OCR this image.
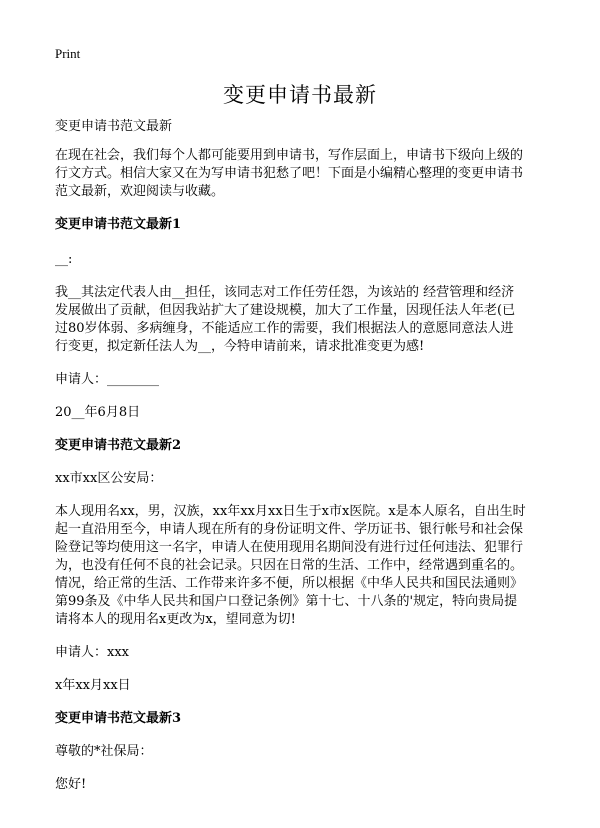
Print
变更申请书最新

变更申请书范文最新

在现在社会，我们每个人都可能要用到申请书，写作层面上，申请书下级向上级的
行文方式。相信大家又在为写申请书犯愁了吧！下面是小编精心整理的变更申请书
范文最新，欢迎阅读与收藏。

变更申请书范文最新1

__:

我__其法定代表人由__担任，该同志对工作任劳任怨，为该站的 经营管理和经济
发展做出了贡献，但因我站扩大了建设规模，加大了工作量，因现任法人年老(已
过80岁体弱、多病缠身，不能适应工作的需要，我们根据法人的意愿同意法人进
行变更，拟定新任法人为__，今特申请前来，请求批准变更为感!

申请人：________

20__年6月8日

变更申请书范文最新2

xx市xx区公安局：

本人现用名xx，男，汉族，xx年xx月xx日生于x市x医院。x是本人原名，自出生时
起一直沿用至今，申请人现在所有的身份证明文件、学历证书、银行帐号和社会保
险登记等均使用这一名字，申请人在使用现用名期间没有进行过任何违法、犯罪行
为，也没有任何不良的社会记录。只因在日常的生活、工作中，经常遇到重名的。
情况，给正常的生活、工作带来许多不便，所以根据《中华人民共和国民法通则》
第99条及《中华人民共和国户口登记条例》第十七、十八条的'规定，特向贵局提
请将本人的现用名x更改为x，望同意为切!

申请人：xxx

x年xx月xx日

变更申请书范文最新3

尊敬的*社保局：

您好!
